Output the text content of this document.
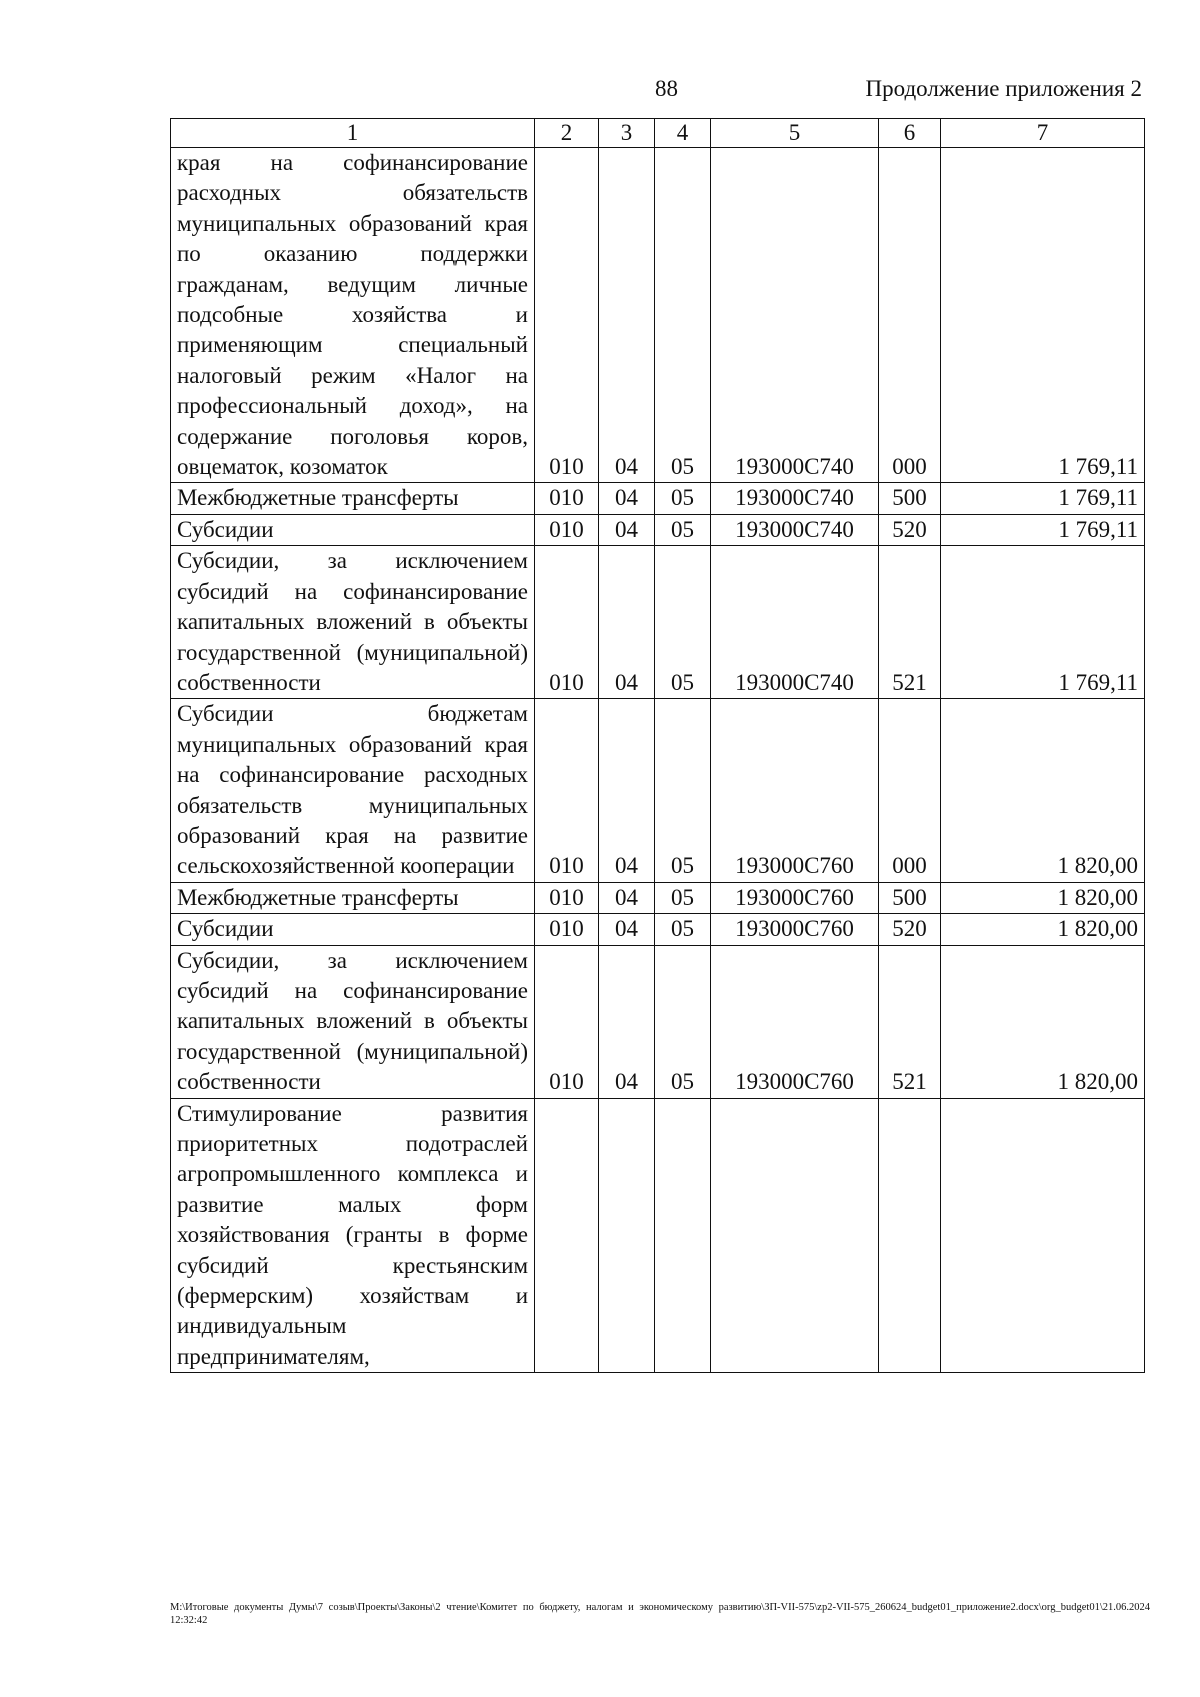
88	Продолжение приложения 2
1	2	3	4	5	6	7
края на софинансирование расходных обязательств муниципальных образований края по оказанию поддержки гражданам, ведущим личные подсобные хозяйства и применяющим специальный налоговый режим «Налог на профессиональный доход», на содержание поголовья коров, овцематок, козоматок	010	04	05	193000С740	000	1 769,11
Межбюджетные трансферты	010	04	05	193000С740	500	1 769,11
Субсидии	010	04	05	193000С740	520	1 769,11
Субсидии, за исключением субсидий на софинансирование капитальных вложений в объекты государственной (муниципальной) собственности	010	04	05	193000С740	521	1 769,11
Субсидии бюджетам муниципальных образований края на софинансирование расходных обязательств муниципальных образований края на развитие сельскохозяйственной кооперации	010	04	05	193000С760	000	1 820,00
Межбюджетные трансферты	010	04	05	193000С760	500	1 820,00
Субсидии	010	04	05	193000С760	520	1 820,00
Субсидии, за исключением субсидий на софинансирование капитальных вложений в объекты государственной (муниципальной) собственности	010	04	05	193000С760	521	1 820,00
Стимулирование развития приоритетных подотраслей агропромышленного комплекса и развитие малых форм хозяйствования (гранты в форме субсидий крестьянским (фермерским) хозяйствам и индивидуальным предпринимателям,						
M:\Итоговые документы Думы\7 созыв\Проекты\Законы\2 чтение\Комитет по бюджету, налогам и экономическому развитию\ЗП-VII-575\zp2-VII-575_260624_budget01_приложение2.docx\org_budget01\21.06.2024 12:32:42
